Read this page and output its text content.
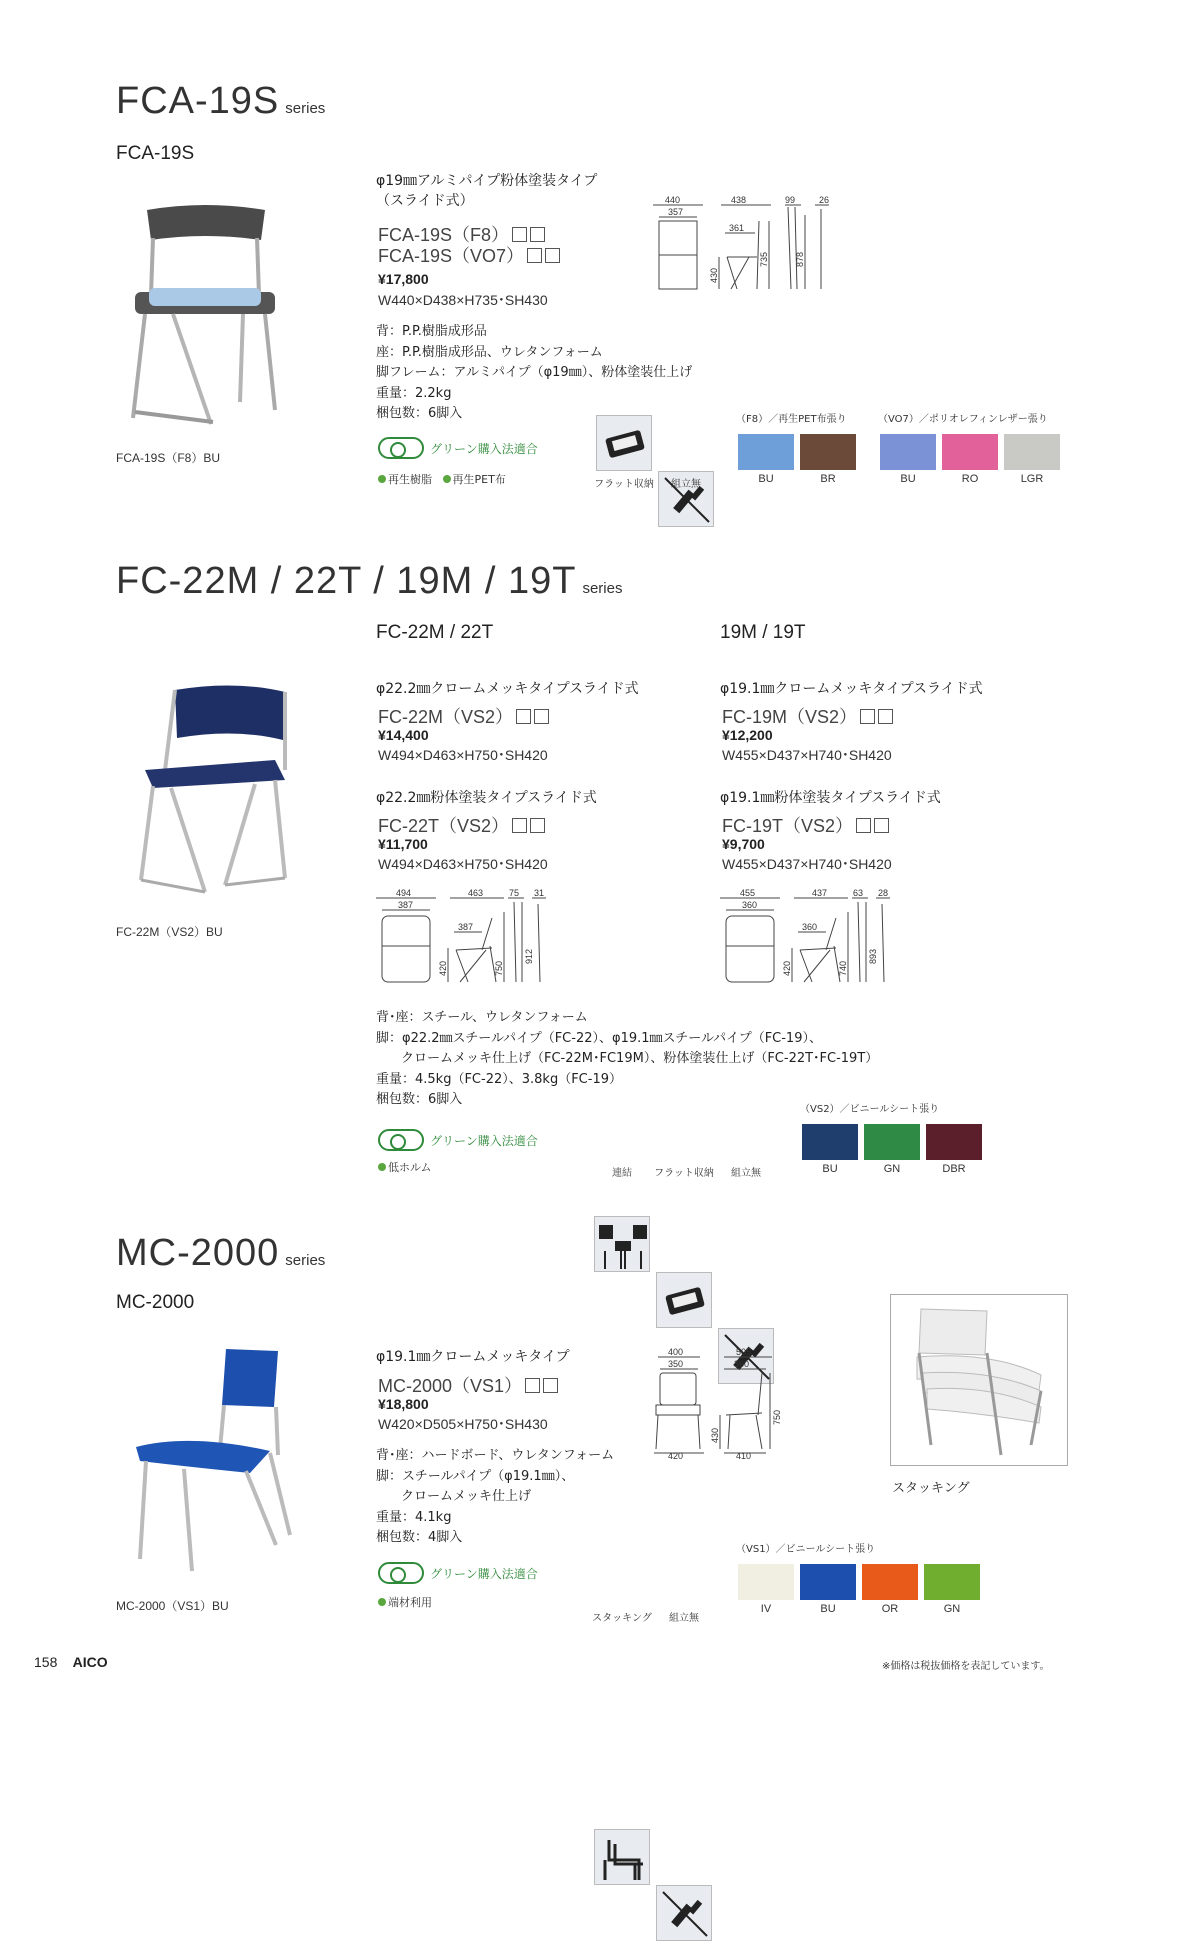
FCA-19S series
FCA-19S
FCA-19S（F8）BU
φ19㎜アルミパイプ粉体塗装タイプ
（スライド式）
FCA-19S（F8）
FCA-19S（VO7）
¥17,800
W440×D438×H735･SH430
背：P.P.樹脂成形品
座：P.P.樹脂成形品、ウレタンフォーム
脚フレーム：アルミパイプ（φ19㎜）、粉体塗装仕上げ
重量：2.2kg
梱包数：6脚入
グリーン購入法適合
再生樹脂 再生PET布	フラット収納	組立無
（F8）／再生PET布張り
BU	BR
（VO7）／ポリオレフィンレザー張り
BU	RO	LGR
440
357
438
361
99	26
430
735	878
FC-22M / 22T / 19M / 19T series
FC-22M（VS2）BU
FC-22M / 22T	19M / 19T
φ22.2㎜クロームメッキタイプスライド式
FC-22M（VS2）
¥14,400
W494×D463×H750･SH420
φ22.2㎜粉体塗装タイプスライド式
FC-22T（VS2）
¥11,700
W494×D463×H750･SH420
φ19.1㎜クロームメッキタイプスライド式
FC-19M（VS2）
¥12,200
W455×D437×H740･SH420
φ19.1㎜粉体塗装タイプスライド式
FC-19T（VS2）
¥9,700
W455×D437×H740･SH420
494
387
463
387
75 31
420	750
912
455
360
437
360
63 28
420	740
893
背･座：スチール、ウレタンフォーム
脚：φ22.2㎜スチールパイプ（FC-22）、φ19.1㎜スチールパイプ（FC-19）、
クロームメッキ仕上げ（FC-22M･FC19M）、粉体塗装仕上げ（FC-22T･FC-19T）
重量：4.5kg（FC-22）、3.8kg（FC-19）
梱包数：6脚入
グリーン購入法適合
低ホルム	連結	フラット収納	組立無
（VS2）／ビニールシート張り
BU	GN	DBR
MC-2000 series
MC-2000
MC-2000（VS1）BU
φ19.1㎜クロームメッキタイプ
MC-2000（VS1）
¥18,800
W420×D505×H750･SH430
背･座：ハードボード、ウレタンフォーム
脚：スチールパイプ（φ19.1㎜）、
クロームメッキ仕上げ
重量：4.1kg
梱包数：4脚入
グリーン購入法適合
端材利用
400
350
420
505
360
410
430
750
スタッキング
スタッキング	組立無
（VS1）／ビニールシート張り
IV	BU	OR	GN
158 AICO	※価格は税抜価格を表記しています。
